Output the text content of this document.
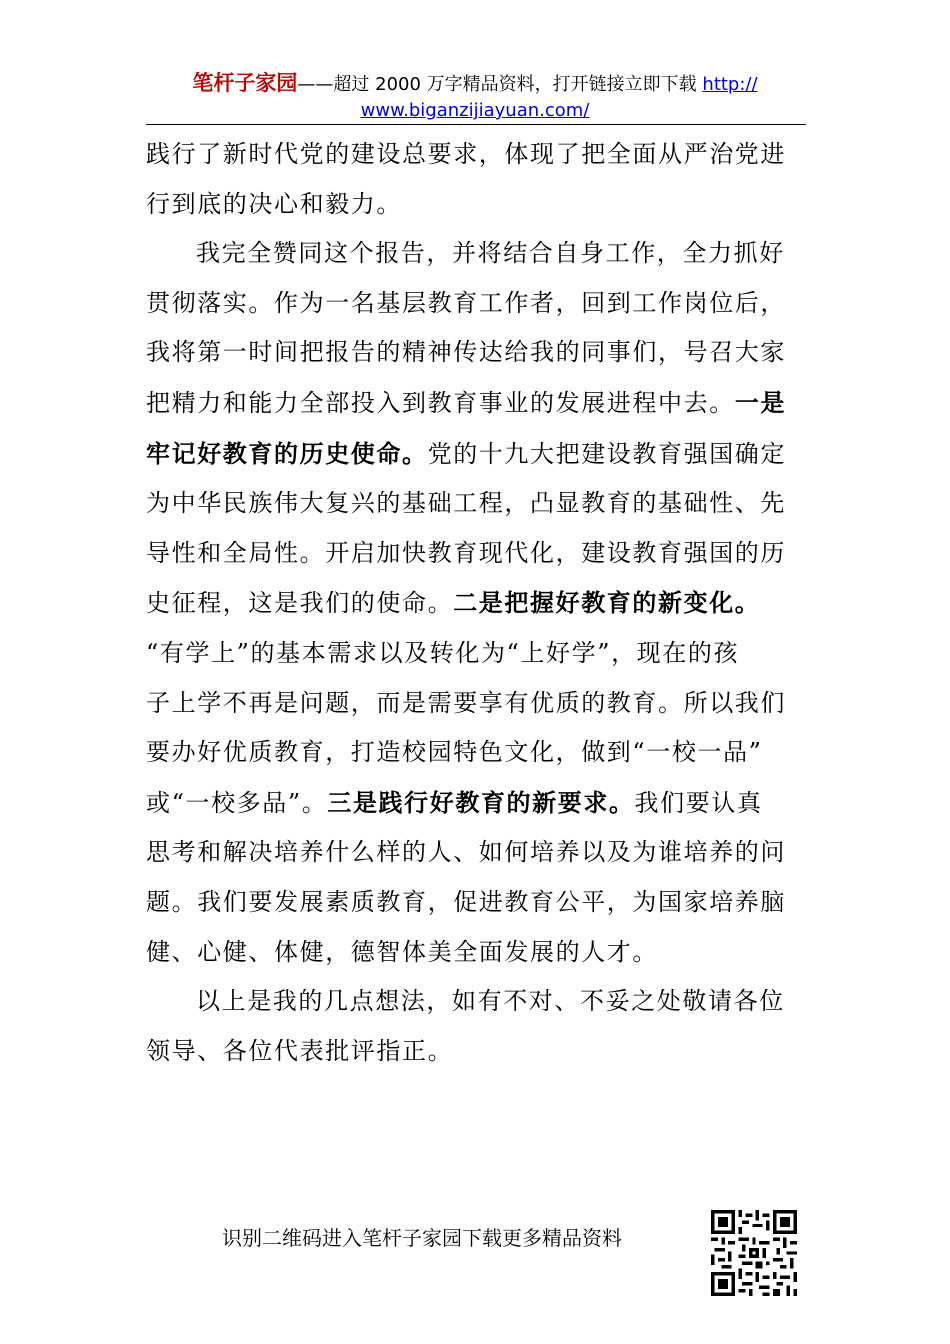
笔杆子家园——超过 2000 万字精品资料，打开链接立即下载 http://
www.biganzijiayuan.com/

践行了新时代党的建设总要求，体现了把全面从严治党进
行到底的决心和毅力。

我完全赞同这个报告，并将结合自身工作，全力抓好
贯彻落实。作为一名基层教育工作者，回到工作岗位后，
我将第一时间把报告的精神传达给我的同事们，号召大家
把精力和能力全部投入到教育事业的发展进程中去。一是
牢记好教育的历史使命。党的十九大把建设教育强国确定
为中华民族伟大复兴的基础工程，凸显教育的基础性、先
导性和全局性。开启加快教育现代化，建设教育强国的历
史征程，这是我们的使命。二是把握好教育的新变化。
“有学上”的基本需求以及转化为“上好学”，现在的孩
子上学不再是问题，而是需要享有优质的教育。所以我们
要办好优质教育，打造校园特色文化，做到“一校一品”
或“一校多品”。三是践行好教育的新要求。我们要认真
思考和解决培养什么样的人、如何培养以及为谁培养的问
题。我们要发展素质教育，促进教育公平，为国家培养脑
健、心健、体健，德智体美全面发展的人才。

以上是我的几点想法，如有不对、不妥之处敬请各位
领导、各位代表批评指正。

识别二维码进入笔杆子家园下载更多精品资料
